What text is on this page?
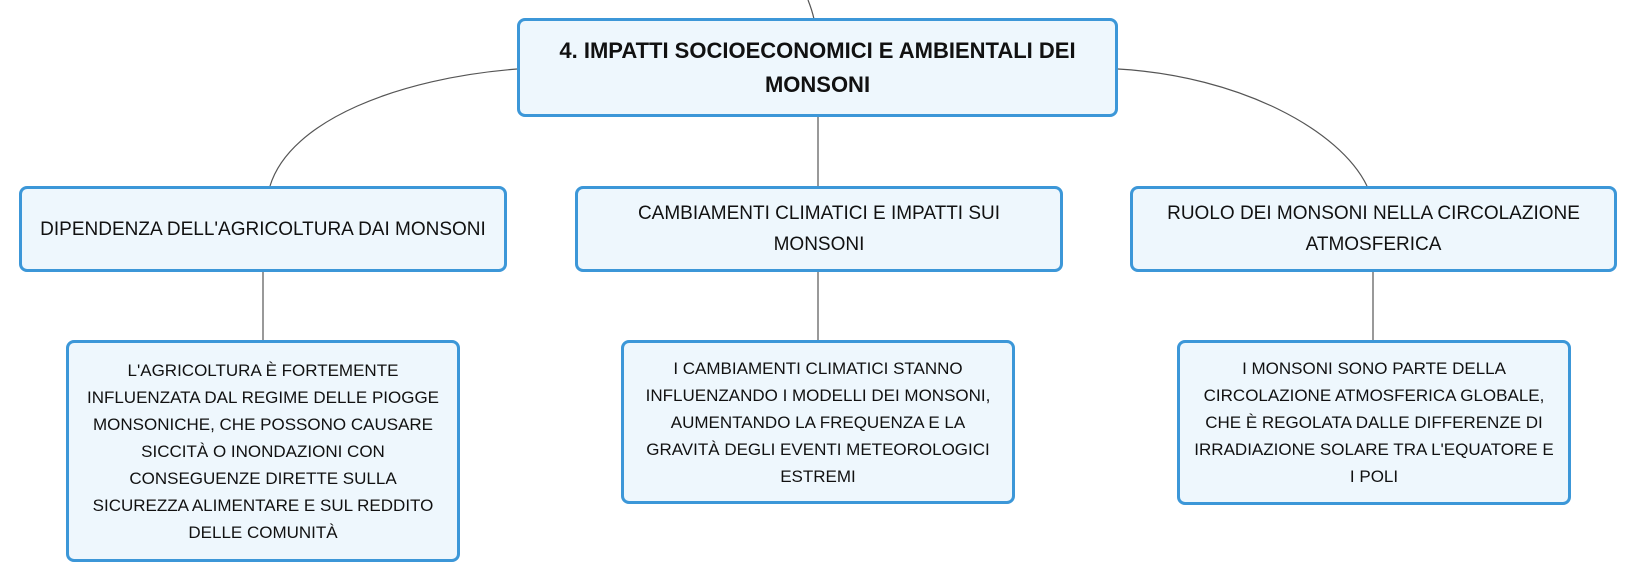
4. IMPATTI SOCIOECONOMICI E AMBIENTALI DEI MONSONI
DIPENDENZA DELL'AGRICOLTURA DAI MONSONI
CAMBIAMENTI CLIMATICI E IMPATTI SUI MONSONI
RUOLO DEI MONSONI NELLA CIRCOLAZIONE ATMOSFERICA
L'AGRICOLTURA È FORTEMENTE INFLUENZATA DAL REGIME DELLE PIOGGE MONSONICHE, CHE POSSONO CAUSARE SICCITÀ O INONDAZIONI CON CONSEGUENZE DIRETTE SULLA SICUREZZA ALIMENTARE E SUL REDDITO DELLE COMUNITÀ
I CAMBIAMENTI CLIMATICI STANNO INFLUENZANDO I MODELLI DEI MONSONI, AUMENTANDO LA FREQUENZA E LA GRAVITÀ DEGLI EVENTI METEOROLOGICI ESTREMI
I MONSONI SONO PARTE DELLA CIRCOLAZIONE ATMOSFERICA GLOBALE, CHE È REGOLATA DALLE DIFFERENZE DI IRRADIAZIONE SOLARE TRA L'EQUATORE E I POLI
